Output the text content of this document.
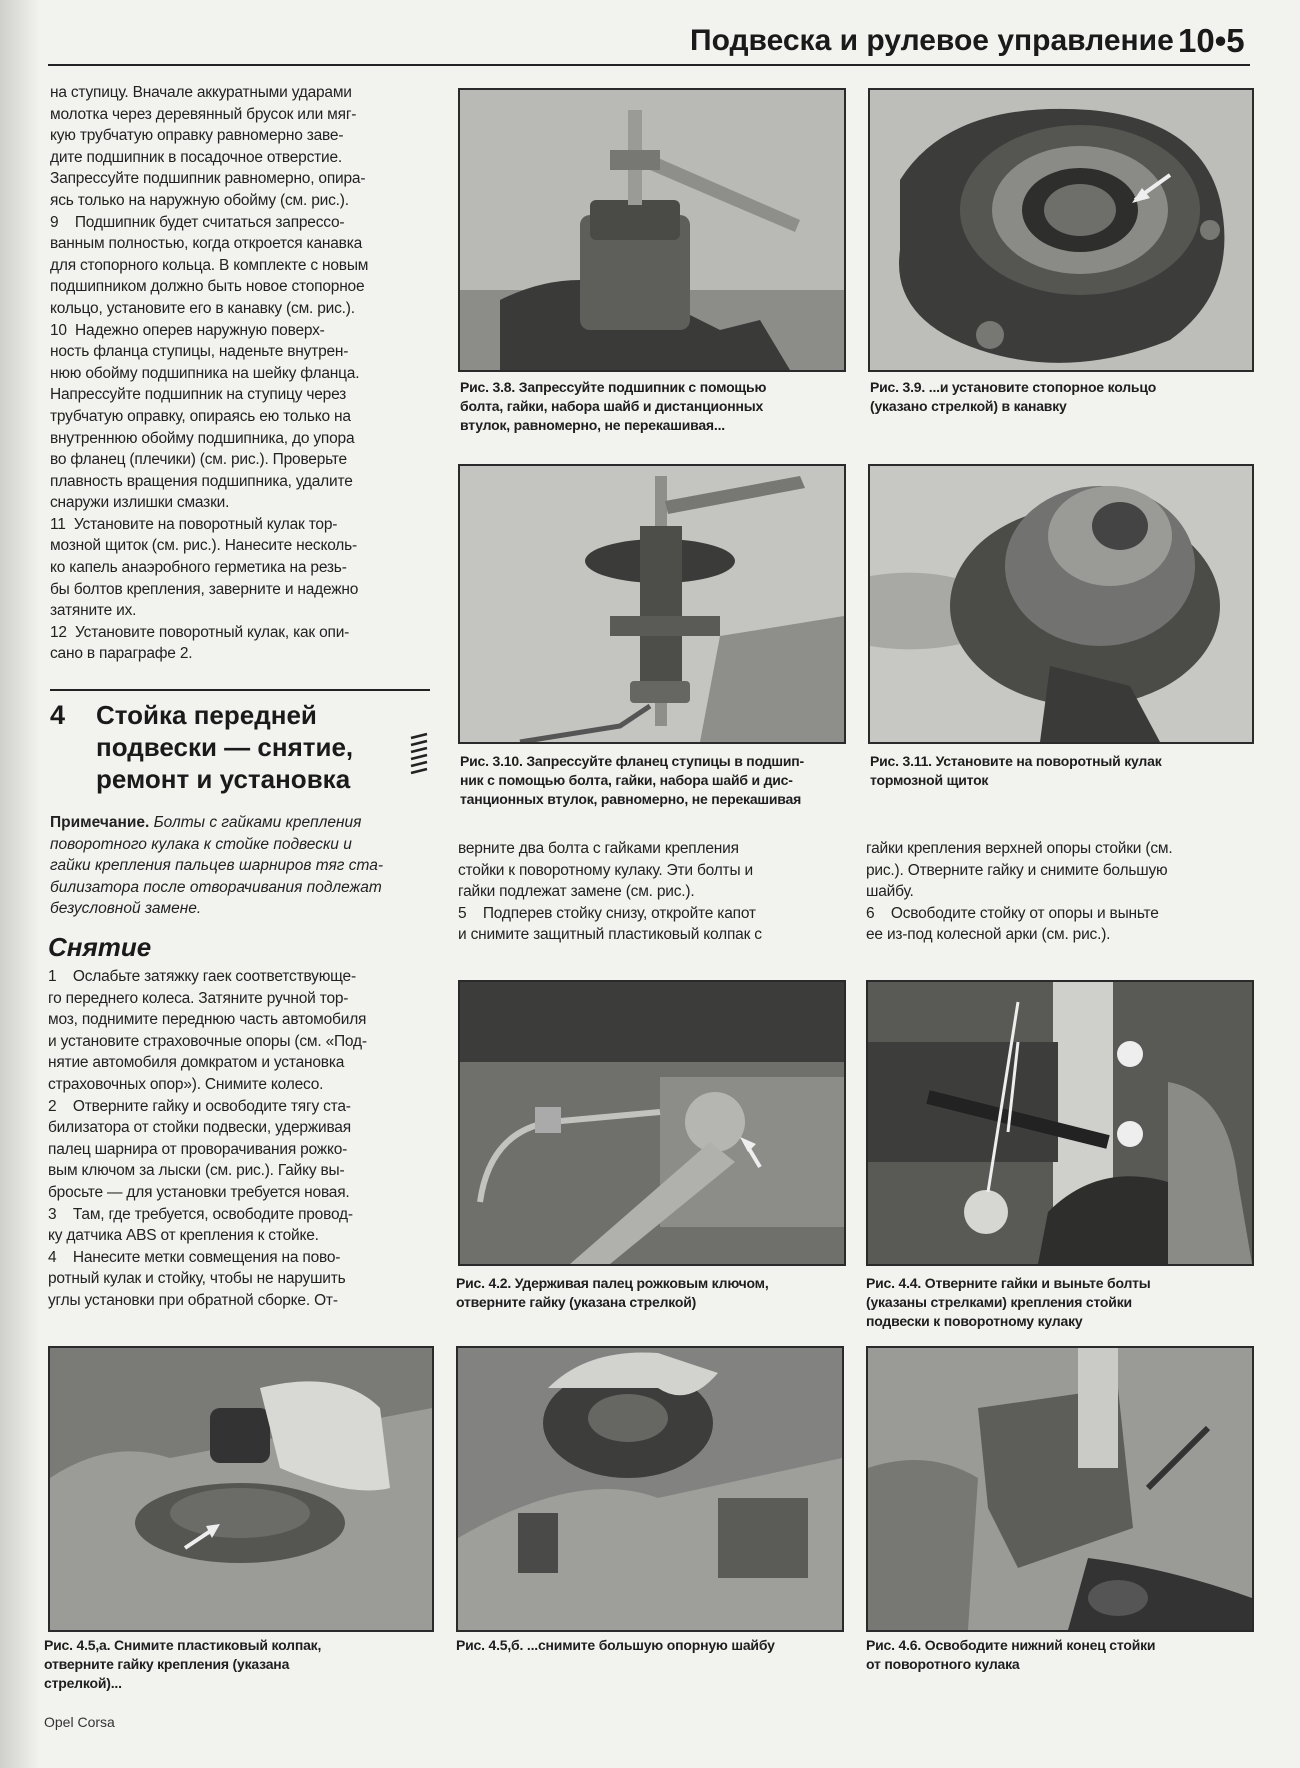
Подвеска и рулевое управление 10•5
на ступицу. Вначале аккуратными ударами
молотка через деревянный брусок или мяг-
кую трубчатую оправку равномерно заве-
дите подшипник в посадочное отверстие.
Запрессуйте подшипник равномерно, опира-
ясь только на наружную обойму (см. рис.).
9    Подшипник будет считаться запрессо-
ванным полностью, когда откроется канавка
для стопорного кольца. В комплекте с новым
подшипником должно быть новое стопорное
кольцо, установите его в канавку (см. рис.).
10  Надежно оперев наружную поверх-
ность фланца ступицы, наденьте внутрен-
нюю обойму подшипника на шейку фланца.
Напрессуйте подшипник на ступицу через
трубчатую оправку, опираясь ею только на
внутреннюю обойму подшипника, до упора
во фланец (плечики) (см. рис.). Проверьте
плавность вращения подшипника, удалите
снаружи излишки смазки.
11  Установите на поворотный кулак тор-
мозной щиток (см. рис.). Нанесите несколь-
ко капель анаэробного герметика на резь-
бы болтов крепления, заверните и надежно
затяните их.
12  Установите поворотный кулак, как опи-
сано в параграфе 2.
4 Стойка передней
подвески — снятие,
ремонт и установка
Примечание. Болты с гайками крепления
поворотного кулака к стойке подвески и
гайки крепления пальцев шарниров тяг ста-
билизатора после отворачивания подлежат
безусловной замене.
Снятие
1    Ослабьте затяжку гаек соответствующе-
го переднего колеса. Затяните ручной тор-
моз, поднимите переднюю часть автомобиля
и установите страховочные опоры (см. «Под-
нятие автомобиля домкратом и установка
страховочных опор»). Снимите колесо.
2    Отверните гайку и освободите тягу ста-
билизатора от стойки подвески, удерживая
палец шарнира от проворачивания рожко-
вым ключом за лыски (см. рис.). Гайку вы-
бросьте — для установки требуется новая.
3    Там, где требуется, освободите провод-
ку датчика ABS от крепления к стойке.
4    Нанесите метки совмещения на пово-
ротный кулак и стойку, чтобы не нарушить
углы установки при обратной сборке. От-
верните два болта с гайками крепления
стойки к поворотному кулаку. Эти болты и
гайки подлежат замене (см. рис.).
5    Подперев стойку снизу, откройте капот
и снимите защитный пластиковый колпак с
гайки крепления верхней опоры стойки (см.
рис.). Отверните гайку и снимите большую
шайбу.
6    Освободите стойку от опоры и выньте
ее из-под колесной арки (см. рис.).
Рис. 3.8. Запрессуйте подшипник с помощью
болта, гайки, набора шайб и дистанционных
втулок, равномерно, не перекашивая...
Рис. 3.9. ...и установите стопорное кольцо
(указано стрелкой) в канавку
Рис. 3.10. Запрессуйте фланец ступицы в подшип-
ник с помощью болта, гайки, набора шайб и дис-
танционных втулок, равномерно, не перекашивая
Рис. 3.11. Установите на поворотный кулак
тормозной щиток
Рис. 4.2. Удерживая палец рожковым ключом,
отверните гайку (указана стрелкой)
Рис. 4.4. Отверните гайки и выньте болты
(указаны стрелками) крепления стойки
подвески к поворотному кулаку
Рис. 4.5,а. Снимите пластиковый колпак,
отверните гайку крепления (указана
стрелкой)...
Рис. 4.5,б. ...снимите большую опорную шайбу	Рис. 4.6. Освободите нижний конец стойки
от поворотного кулака
Opel Corsa
